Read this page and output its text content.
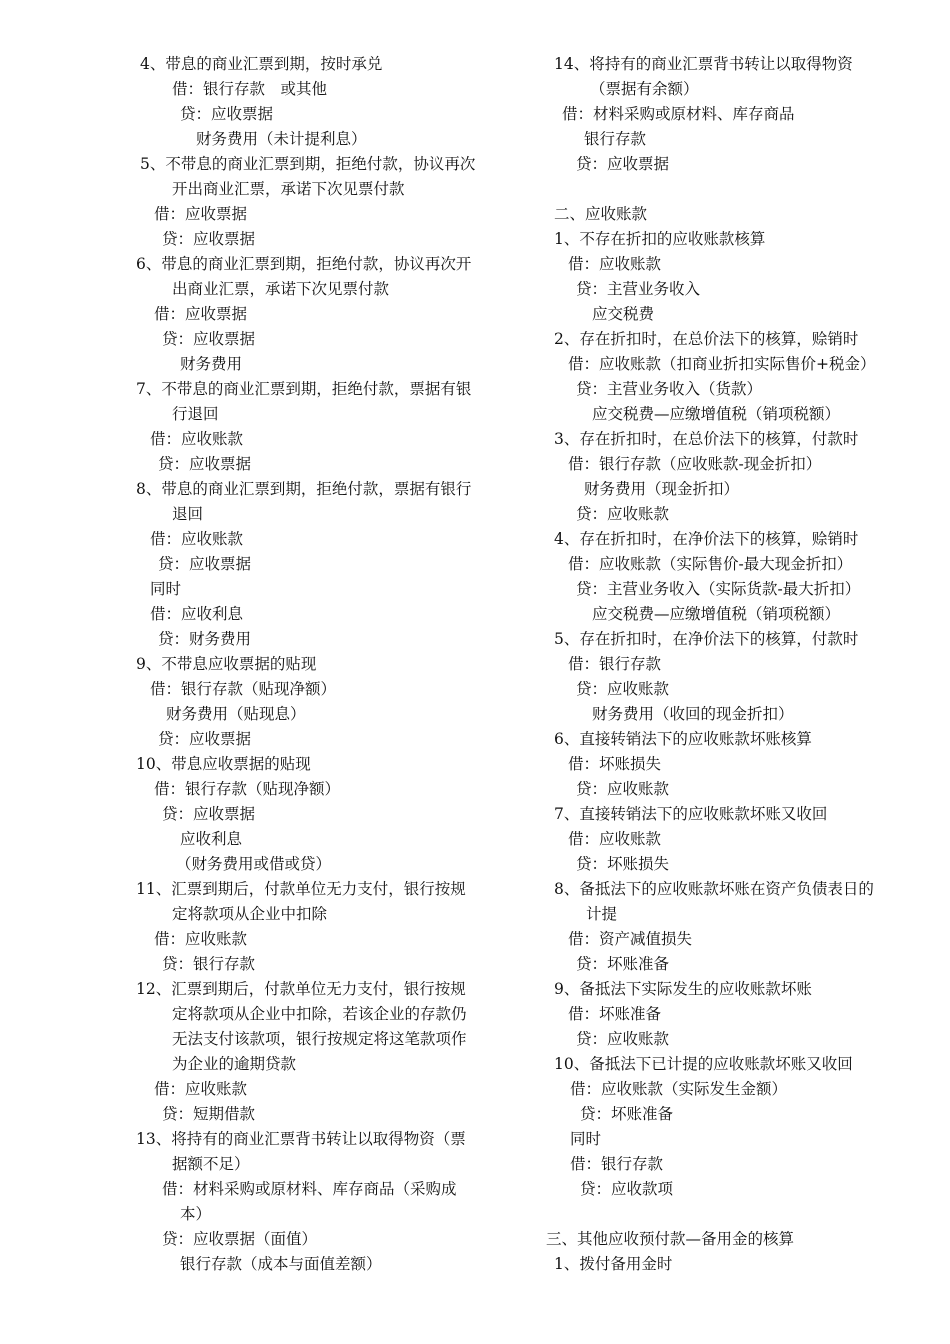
4、带息的商业汇票到期，按时承兑
借：银行存款　或其他
贷：应收票据
财务费用（未计提利息）
5、不带息的商业汇票到期，拒绝付款，协议再次
开出商业汇票，承诺下次见票付款
借：应收票据
贷：应收票据
6、带息的商业汇票到期，拒绝付款，协议再次开
出商业汇票，承诺下次见票付款
借：应收票据
贷：应收票据
财务费用
7、不带息的商业汇票到期，拒绝付款，票据有银
行退回
借：应收账款
贷：应收票据
8、带息的商业汇票到期，拒绝付款，票据有银行
退回
借：应收账款
贷：应收票据
同时
借：应收利息
贷：财务费用
9、不带息应收票据的贴现
借：银行存款（贴现净额）
财务费用（贴现息）
贷：应收票据
10、带息应收票据的贴现
借：银行存款（贴现净额）
贷：应收票据
应收利息
（财务费用或借或贷）
11、汇票到期后，付款单位无力支付，银行按规
定将款项从企业中扣除
借：应收账款
贷：银行存款
12、汇票到期后，付款单位无力支付，银行按规
定将款项从企业中扣除，若该企业的存款仍
无法支付该款项，银行按规定将这笔款项作
为企业的逾期贷款
借：应收账款
贷：短期借款
13、将持有的商业汇票背书转让以取得物资（票
据额不足）
借：材料采购或原材料、库存商品（采购成
本）
贷：应收票据（面值）
银行存款（成本与面值差额）
14、将持有的商业汇票背书转让以取得物资
（票据有余额）
借：材料采购或原材料、库存商品
银行存款
贷：应收票据
二、应收账款
1、不存在折扣的应收账款核算
借：应收账款
贷：主营业务收入
应交税费
2、存在折扣时，在总价法下的核算，赊销时
借：应收账款（扣商业折扣实际售价+税金）
贷：主营业务收入（货款）
应交税费—应缴增值税（销项税额）
3、存在折扣时，在总价法下的核算，付款时
借：银行存款（应收账款-现金折扣）
财务费用（现金折扣）
贷：应收账款
4、存在折扣时，在净价法下的核算，赊销时
借：应收账款（实际售价-最大现金折扣）
贷：主营业务收入（实际货款-最大折扣）
应交税费—应缴增值税（销项税额）
5、存在折扣时，在净价法下的核算，付款时
借：银行存款
贷：应收账款
财务费用（收回的现金折扣）
6、直接转销法下的应收账款坏账核算
借：坏账损失
贷：应收账款
7、直接转销法下的应收账款坏账又收回
借：应收账款
贷：坏账损失
8、备抵法下的应收账款坏账在资产负债表日的
计提
借：资产减值损失
贷：坏账准备
9、备抵法下实际发生的应收账款坏账
借：坏账准备
贷：应收账款
10、备抵法下已计提的应收账款坏账又收回
借：应收账款（实际发生金额）
贷：坏账准备
同时
借：银行存款
贷：应收款项
三、其他应收预付款—备用金的核算
1、拨付备用金时
